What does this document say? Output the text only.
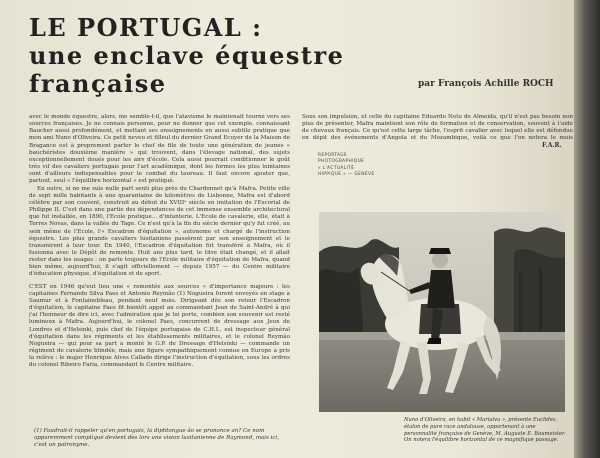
LE PORTUGAL :
une enclave équestre
française	par François Achille ROCH

avec le monde équestre, alors, me semble-t-il, que l'atavisme le maintenait tourné vers ses sources françaises. Je ne connais personne, pour ne donner que cet exemple, connaissant Baucher aussi profondément, et mettant ses enseignements en aussi subtile pratique que mon ami Nuno d'Oliveira. Ce petit neveu et filleul du dernier Grand Ecuyer de la Maison de Bragance est à proprement parler le chef de file de toute une génération de jeunes « bauchéristes douxième manière » qui trouvent, dans l'élevage national, des sujets exceptionnellement doués pour les airs d'école. Cela aussi pourrait conditionner le goût très vif des cavaliers portugais pour l'art académique, dont les formes les plus lointaines sont d'ailleurs indispensables pour le combat du taureau. Il faut encore ajouter que, partout, seul « l'équilibre horizontal » est pratiqué.

En outre, si ne me suis nulle part senti plus près du Chardonnet qu'à Mafra. Petite ville de sept mille habitants à une quarantaine de kilomètres de Lisbonne, Mafra est d'abord célèbre par son couvent, construit au début du XVIIIᵉ siècle en imitation de l'Escorial de Philippe II. C'est dans une partie des dépendances de cet immense ensemble architectural que fut installée, en 1890, l'Ecole pratique... d'infanterie. L'Ecole de cavalerie, elle, était à Torres Novas, dans la vallée du Tage. Ce n'est qu'à la fin du siècle dernier qu'y fut créé, au sein même de l'Ecole, l'« Escadron d'équitation », autonome et chargé de l'instruction équestre. Les plus grands cavaliers lusitaniens passèrent par son enseignement et le transmirent à leur tour. En 1940, l'Escadron d'équitation fut transféré à Mafra, où il fusionna avec le Dépôt de remonte. Huit ans plus tard, le titre était changé, et il allait rester dans les usages : on parle toujours de l'Ecole militaire d'équitation de Mafra, quand bien même, aujourd'hui, il s'agit officiellement — depuis 1957 — du Centre militaire d'éducation physique, d'équitation et de sport.

C'EST en 1946 qu'eut lieu une « remontée aux sources » d'importance majeure : les capitaines Fernando Silva Paes et Antonio Reymão (1) Nogueira furent envoyés en stage à Saumur et à Fontainebleau, pendant neuf mois. Dirigeant dès son retour l'Escadron d'équitation, le capitaine Paes fit bientôt appel au commandant Jean de Saint-André à qui j'ai l'honneur de dire ici, avec l'admiration que je lui porte, combien son souvenir est resté lumineux à Mafra. Aujourd'hui, le colonel Paes, concurrent de dressage aux Jeux de Londres et d'Helsinki, puis chef de l'équipe portugaise de C.H.I., est inspecteur général d'équitation dans les régiments et les établissements militaires, et le colonel Reymão Nogueira — qui pour sa part a monté le G.P. de Dressage d'Helsinki — commande un régiment de cavalerie blindée, mais une figure sympathiquement connue en Europe a pris la relève : le major Henrique Alves Callado dirige l'instruction d'équitation, sous les ordres du colonel Ribeiro Faria, commandant le Centre militaire.

Sous son impulsion, et celle du capitaine Eduardo Neto de Almeida, qu'il n'est pas besoin non plus de présenter, Mafra maintient son rôle de formation et de conservation, souvent à l'aide de chevaux français. Ce qu'est cette large tâche, l'esprit cavalier avec lequel elle est défendue en dépit des événements d'Angola et du Mozambique, voilà ce que l'on notera le mois

F.A.R.
REPORTAGE
PHOTOGRAPHIQUE
« L'ACTUALITÉ
HIPPIQUE » — GENÈVE
(1) Faudrait-il rappeler qu'en portugais, la diphtongue ão se prononce an? Ce nom apparemment compliqué devient dès lors une vision lusitanienne de Raymond, mais ici, c'est un patronyme.
Nuno d'Oliveira, en habit « Marialva », présente Euclides, étalon de pure race andalouse, appartenant à une personnalité française de Genève, M. Auguste E. Baumeister. On notera l'équilibre horizontal de ce magnifique passage.
